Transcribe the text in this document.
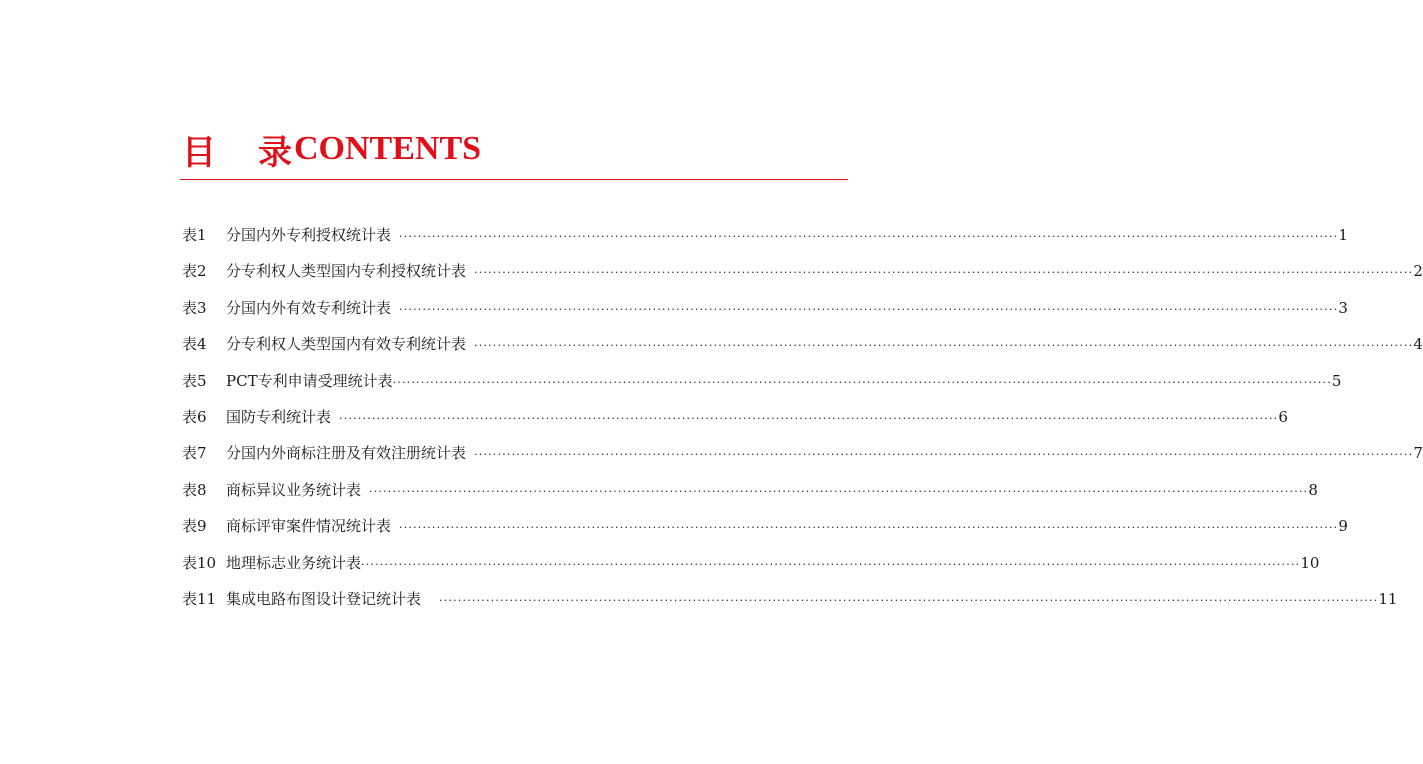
目 录 CONTENTS
表1	分国内外专利授权统计表 ········································································································································································································ 1
表2	分专利权人类型国内专利授权统计表 ········································································································································································································ 2
表3	分国内外有效专利统计表 ········································································································································································································ 3
表4	分专利权人类型国内有效专利统计表 ········································································································································································································ 4
表5	PCT专利申请受理统计表 ········································································································································································································ 5
表6	国防专利统计表 ········································································································································································································ 6
表7	分国内外商标注册及有效注册统计表 ········································································································································································································ 7
表8	商标异议业务统计表 ········································································································································································································ 8
表9	商标评审案件情况统计表 ········································································································································································································ 9
表10 地理标志业务统计表 ········································································································································································································ 10
表11 集成电路布图设计登记统计表 ········································································································································································································ 11
